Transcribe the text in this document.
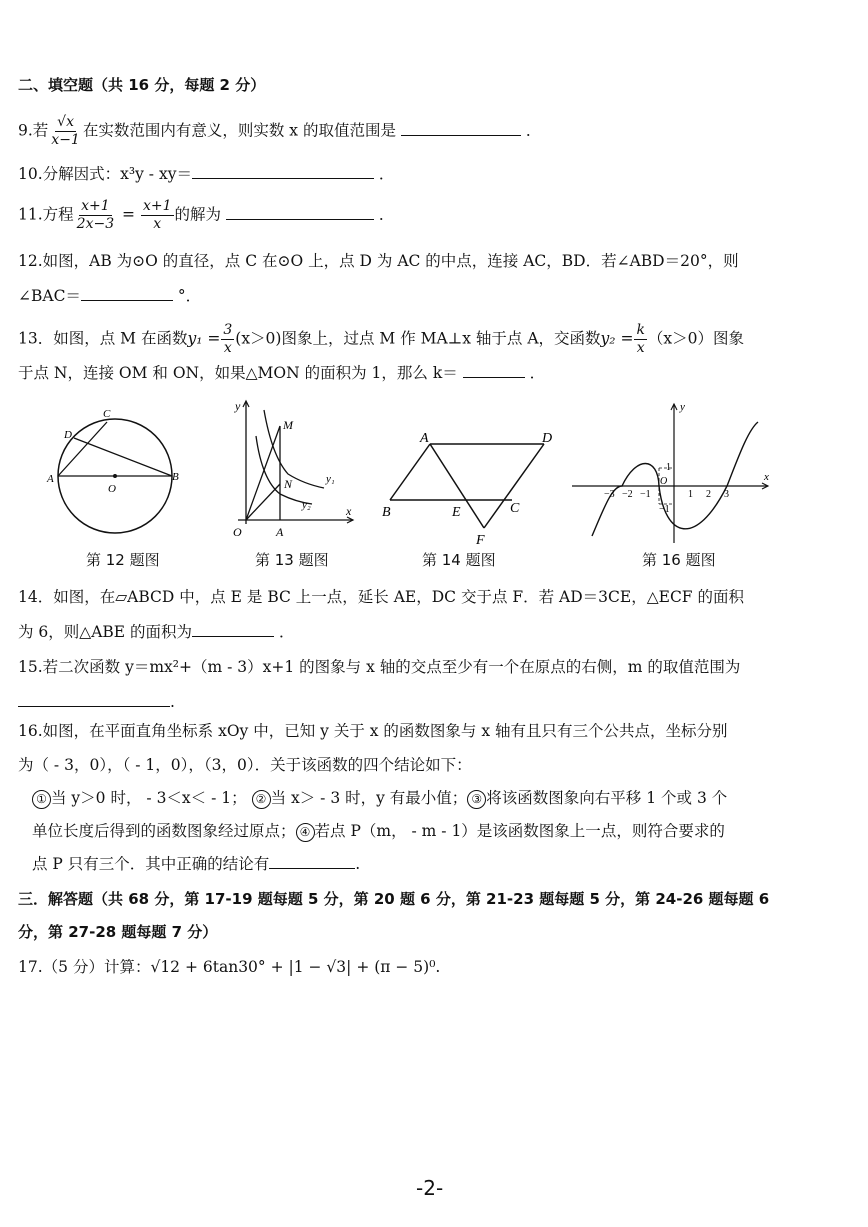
二、填空题（共 16 分，每题 2 分）
9.若 $\frac{√x}{x-1}$ 在实数范围内有意义，则实数 x 的取值范围是	．
10.分解因式：x³y - xy＝	．
11.方程 $\frac{x+1}{2x-3} = \frac{x+1}{x}$ 的解为	．
12.如图，AB 为⊙O 的直径，点 C 在⊙O 上，点 D 为 AC 的中点，连接 AC，BD．若∠ABD＝20°，则
∠BAC＝	°．
13．如图，点 M 在函数$y_1 = \frac{3}{x} (x>0)$图象上，过点 M 作 MA⊥x 轴于点 A，交函数$y_2 = \frac{k}{x} (x>0)$图象
于点 N，连接 OM 和 ON，如果△MON 的面积为 1，那么 k＝	．
C
D
A	B
O
y
x
M
N	y₁
y₂
O	A
A	D
B	E	C
F
y
x
1
O
−3 −2 −1	1 2 3
−1
第 12 题图	第 13 题图	第 14 题图	第 16 题图
14．如图，在▱ABCD 中，点 E 是 BC 上一点，延长 AE，DC 交于点 F．若 AD＝3CE，△ECF 的面积
为 6，则△ABE 的面积为	．
15.若二次函数 y＝mx²+（m - 3）x+1 的图象与 x 轴的交点至少有一个在原点的右侧，m 的取值范围为
.
16.如图，在平面直角坐标系 xOy 中，已知 y 关于 x 的函数图象与 x 轴有且只有三个公共点，坐标分别
为（ - 3，0），（ - 1，0），（3，0）．关于该函数的四个结论如下：
① 当 y＞0 时， - 3＜x＜ - 1； ② 当 x＞ - 3 时，y 有最小值； ③ 将该函数图象向右平移 1 个或 3 个
单位长度后得到的函数图象经过原点； ④ 若点 P（m， - m - 1）是该函数图象上一点，则符合要求的
点 P 只有三个．其中正确的结论有	.
三．解答题（共 68 分，第 17-19 题每题 5 分，第 20 题 6 分，第 21-23 题每题 5 分，第 24-26 题每题 6
分，第 27-28 题每题 7 分）
17.（5 分）计算：√12 + 6tan30° + |1 − √3| + (π − 5)⁰.
-2-
